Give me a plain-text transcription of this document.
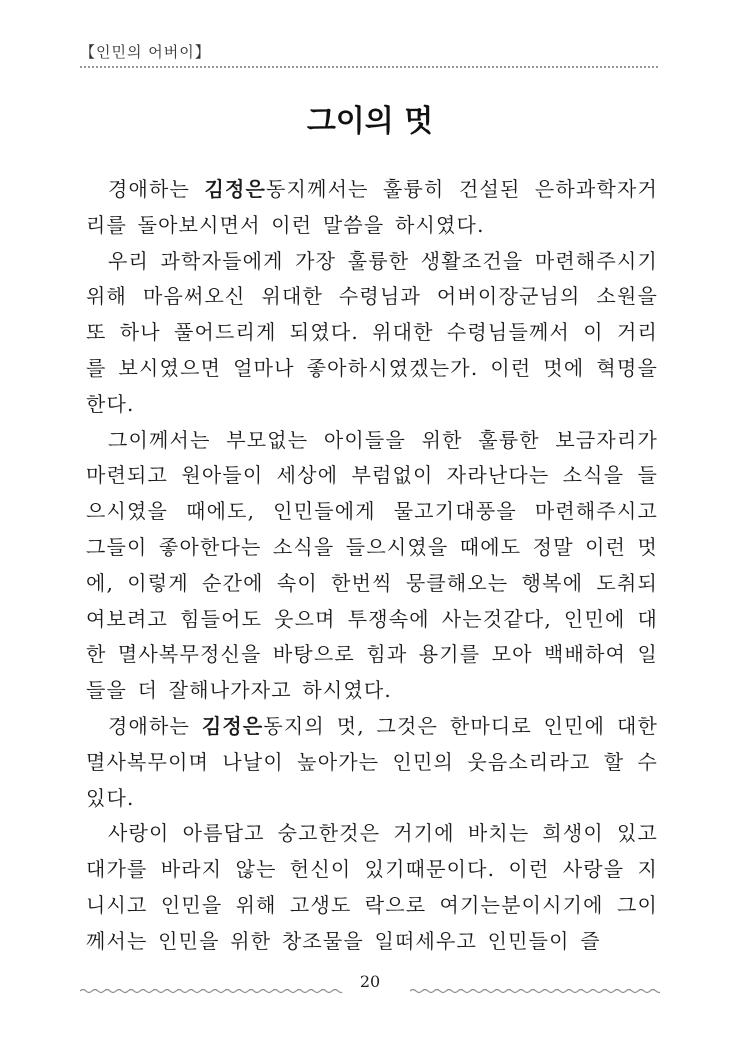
【인민의 어버이】
그이의 멋

경애하는 김정은동지께서는 훌륭히 건설된 은하과학자거리를 돌아보시면서 이런 말씀을 하시였다.

우리 과학자들에게 가장 훌륭한 생활조건을 마련해주시기 위해 마음써오신 위대한 수령님과 어버이장군님의 소원을 또 하나 풀어드리게 되였다. 위대한 수령님들께서 이 거리를 보시였으면 얼마나 좋아하시였겠는가. 이런 멋에 혁명을 한다.

그이께서는 부모없는 아이들을 위한 훌륭한 보금자리가 마련되고 원아들이 세상에 부럼없이 자라난다는 소식을 들으시였을 때에도, 인민들에게 물고기대풍을 마련해주시고 그들이 좋아한다는 소식을 들으시였을 때에도 정말 이런 멋에, 이렇게 순간에 속이 한번씩 뭉클해오는 행복에 도취되여보려고 힘들어도 웃으며 투쟁속에 사는것같다, 인민에 대한 멸사복무정신을 바탕으로 힘과 용기를 모아 백배하여 일들을 더 잘해나가자고 하시였다.

경애하는 김정은동지의 멋, 그것은 한마디로 인민에 대한 멸사복무이며 나날이 높아가는 인민의 웃음소리라고 할 수 있다.

사랑이 아름답고 숭고한것은 거기에 바치는 희생이 있고 대가를 바라지 않는 헌신이 있기때문이다. 이런 사랑을 지니시고 인민을 위해 고생도 락으로 여기는분이시기에 그이께서는 인민을 위한 창조물을 일떠세우고 인민들이 즐

20
